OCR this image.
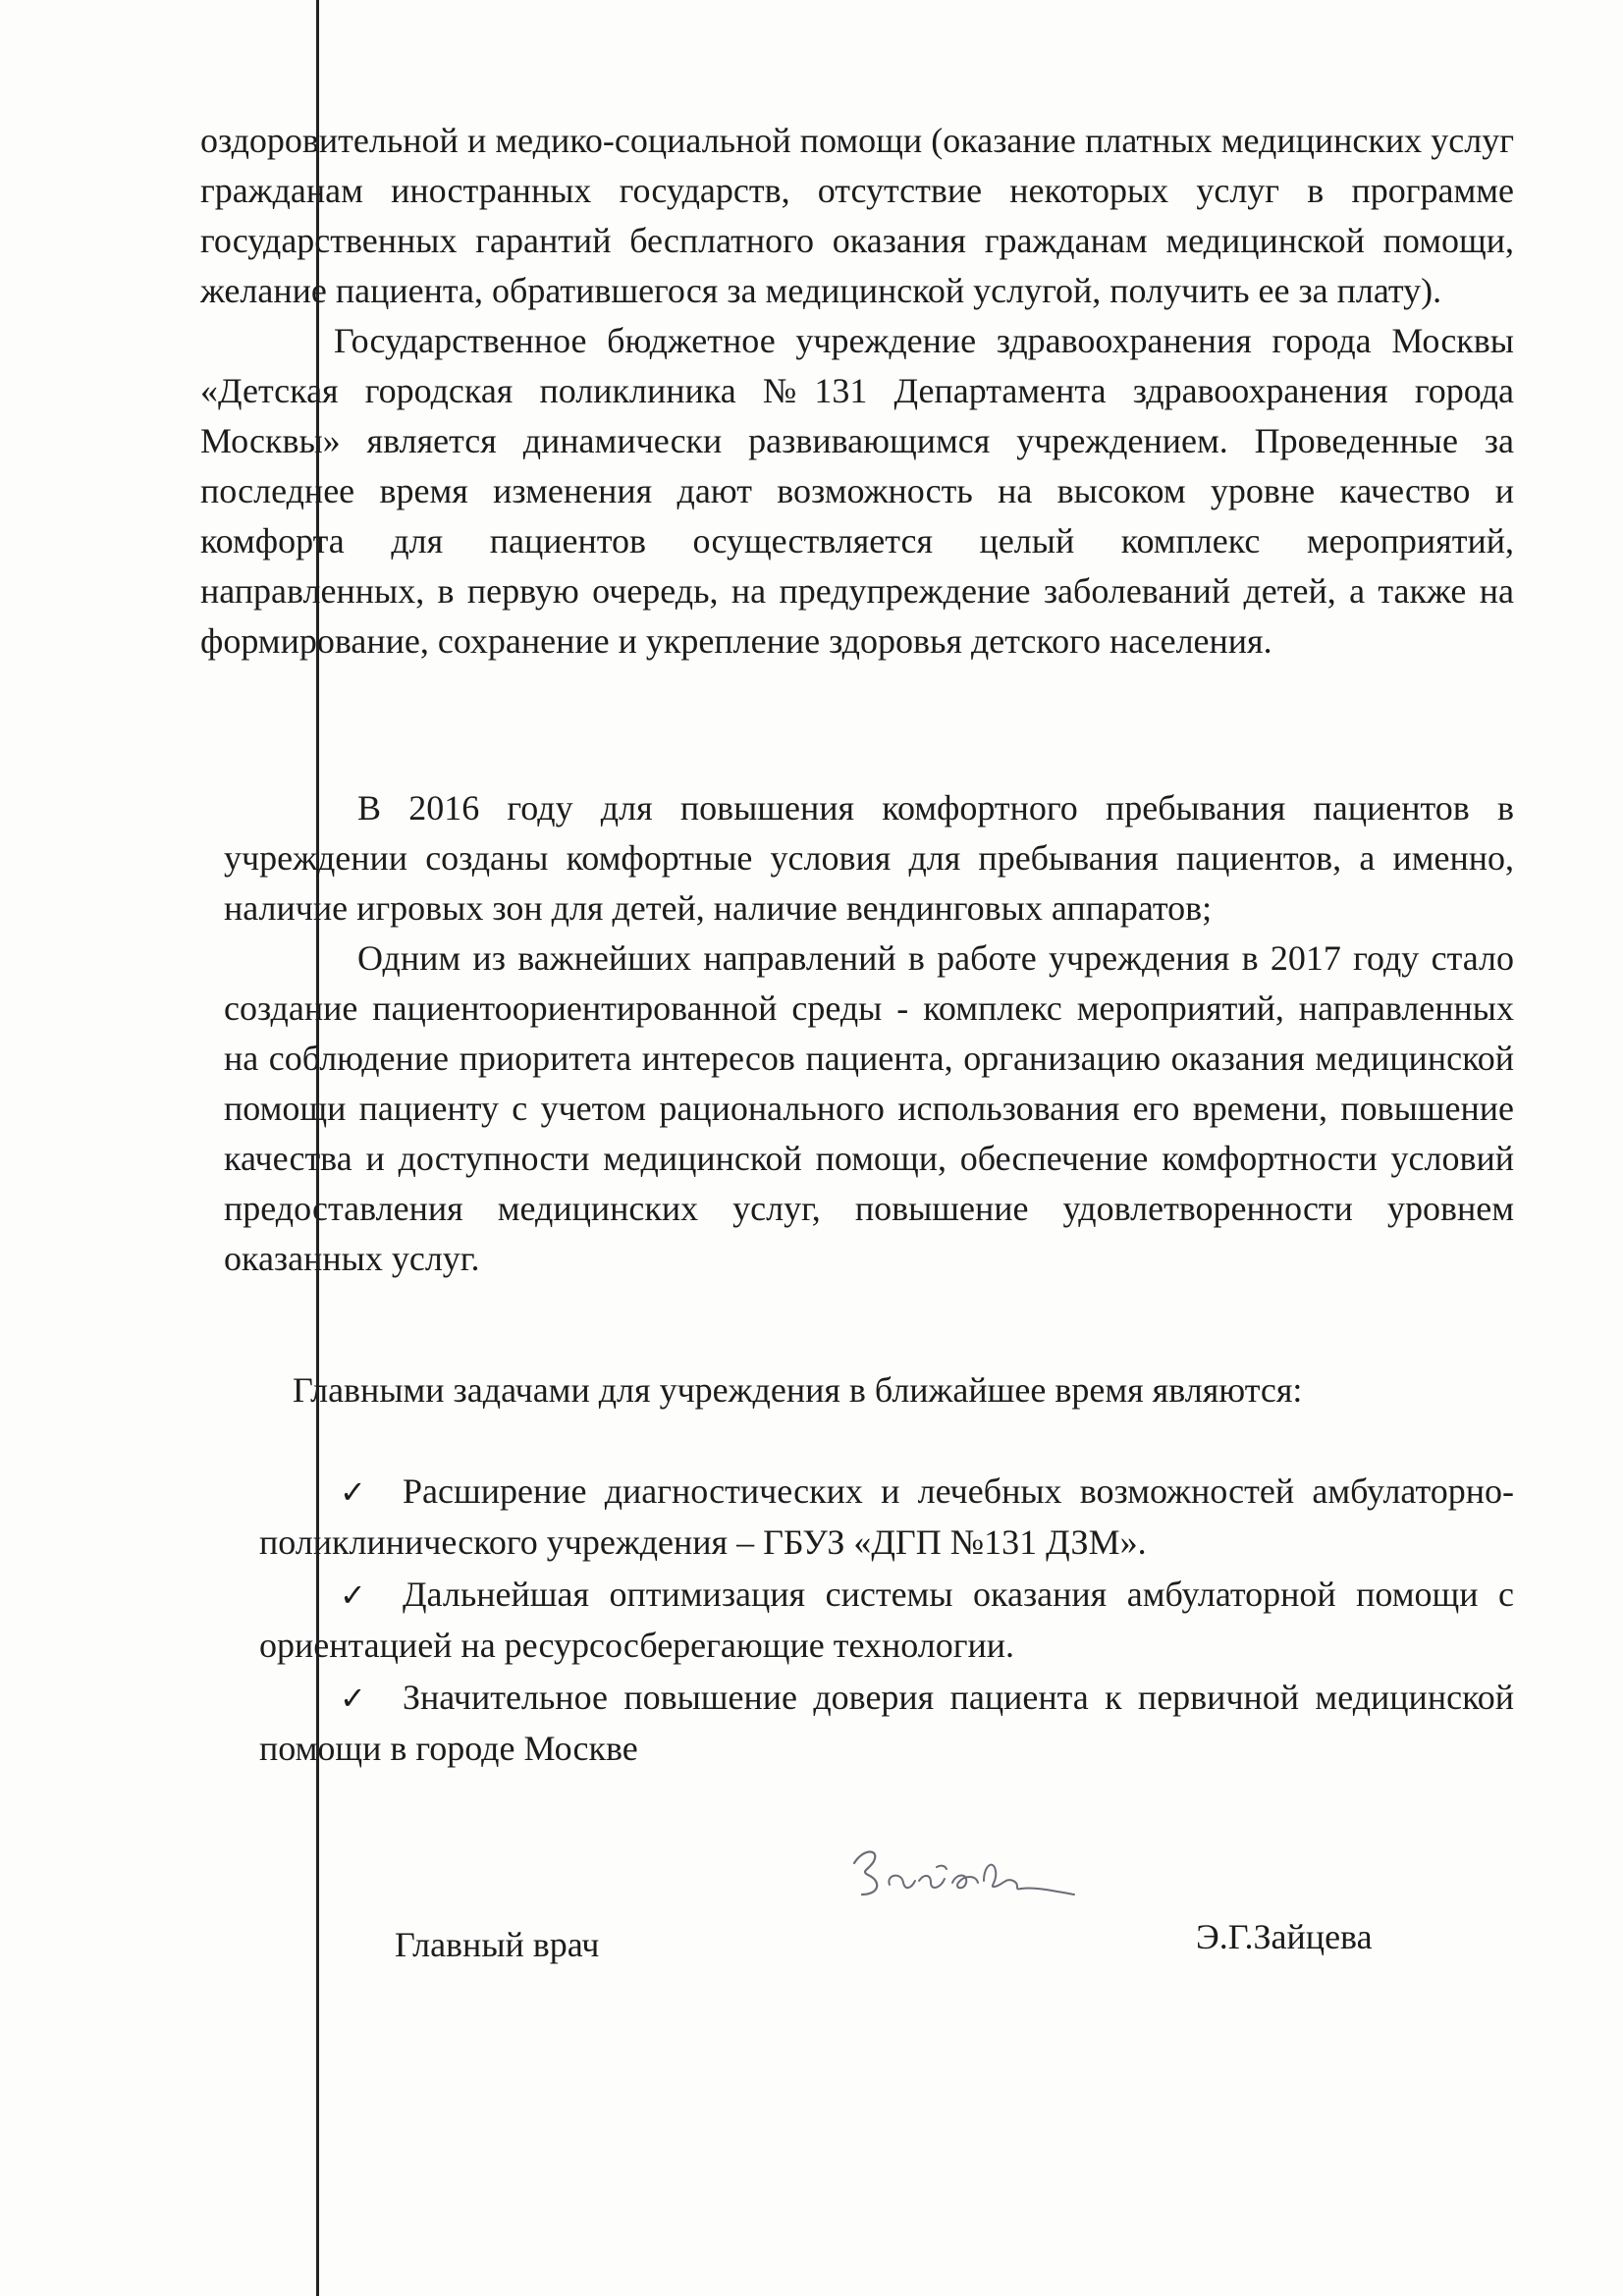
оздоровительной и медико-социальной помощи (оказание платных медицинских услуг гражданам иностранных государств, отсутствие некоторых услуг в программе государственных гарантий бесплатного оказания гражданам медицинской помощи, желание пациента, обратившегося за медицинской услугой, получить ее за плату).

Государственное бюджетное учреждение здравоохранения города Москвы «Детская городская поликлиника №131 Департамента здравоохранения города Москвы» является динамически развивающимся учреждением. Проведенные за последнее время изменения дают возможность на высоком уровне качество и комфорта для пациентов осуществляется целый комплекс мероприятий, направленных, в первую очередь, на предупреждение заболеваний детей, а также на формирование, сохранение и укрепление здоровья детского населения.

В 2016 году для повышения комфортного пребывания пациентов в учреждении созданы комфортные условия для пребывания пациентов, а именно, наличие игровых зон для детей, наличие вендинговых аппаратов;

Одним из важнейших направлений в работе учреждения в 2017 году стало создание пациентоориентированной среды - комплекс мероприятий, направленных на соблюдение приоритета интересов пациента, организацию оказания медицинской помощи пациенту с учетом рационального использования его времени, повышение качества и доступности медицинской помощи, обеспечение комфортности условий предоставления медицинских услуг, повышение удовлетворенности уровнем оказанных услуг.

Главными задачами для учреждения в ближайшее время являются:

✓ Расширение диагностических и лечебных возможностей амбулаторно-поликлинического учреждения – ГБУЗ «ДГП №131 ДЗМ».

✓ Дальнейшая оптимизация системы оказания амбулаторной помощи с ориентацией на ресурсосберегающие технологии.

✓ Значительное повышение доверия пациента к первичной медицинской помощи в городе Москве

Главный врач	Э.Г.Зайцева
